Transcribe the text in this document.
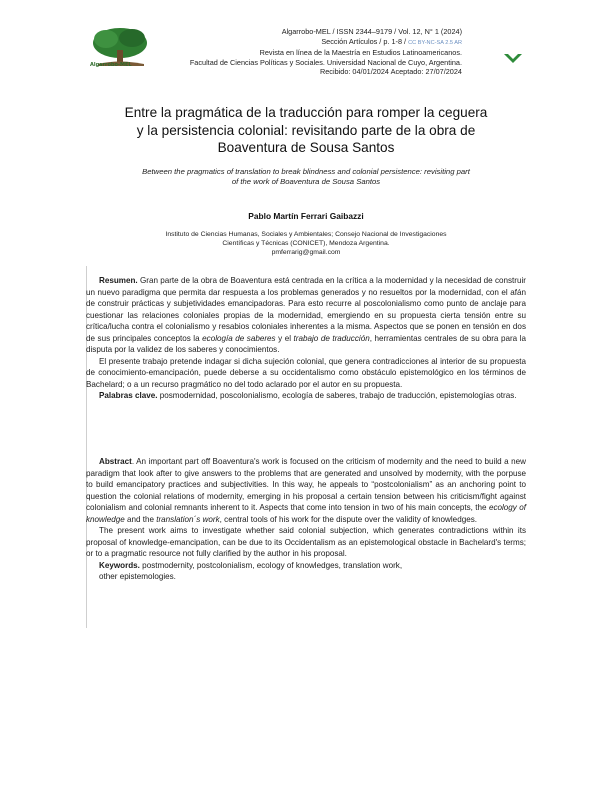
Algarrobo-MEL
Algarrobo-MEL / ISSN 2344–9179 / Vol. 12, N° 1 (2024)
Sección Artículos / p. 1-8 / CC BY-NC-SA 2.5 AR
Revista en línea de la Maestría en Estudios Latinoamericanos.
Facultad de Ciencias Políticas y Sociales. Universidad Nacional de Cuyo, Argentina.
Recibido: 04/01/2024 Aceptado: 27/07/2024
Entre la pragmática de la traducción para romper la ceguera
y la persistencia colonial: revisitando parte de la obra de
Boaventura de Sousa Santos
Between the pragmatics of translation to break blindness and colonial persistence: revisiting part
of the work of Boaventura de Sousa Santos
Pablo Martín Ferrari Gaibazzi
Instituto de Ciencias Humanas, Sociales y Ambientales; Consejo Nacional de Investigaciones
Científicas y Técnicas (CONICET), Mendoza Argentina.
pmferrarig@gmail.com

Resumen. Gran parte de la obra de Boaventura está centrada en la crítica a la modernidad y la necesidad de construir un nuevo paradigma que permita dar respuesta a los problemas generados y no resueltos por la modernidad, con el afán de construir prácticas y subjetividades emancipadoras. Para esto recurre al poscolonialismo como punto de anclaje para cuestionar las relaciones coloniales propias de la modernidad, emergiendo en su propuesta cierta tensión entre su crítica/lucha contra el colonialismo y resabios coloniales inherentes a la misma. Aspectos que se ponen en tensión en dos de sus principales conceptos la ecología de saberes y el trabajo de traducción, herramientas centrales de su obra para la disputa por la validez de los saberes y conocimientos.

El presente trabajo pretende indagar si dicha sujeción colonial, que genera contradicciones al interior de su propuesta de conocimiento-emancipación, puede deberse a su occidentalismo como obstáculo epistemológico en los términos de Bachelard; o a un recurso pragmático no del todo aclarado por el autor en su propuesta.

Palabras clave. posmodernidad, poscolonialismo, ecología de saberes, trabajo de traducción, epistemologías otras.

Abstract. An important part off Boaventura's work is focused on the criticism of modernity and the need to build a new paradigm that look after to give answers to the problems that are generated and unsolved by modernity, with the porpuse to build emancipatory practices and subjectivities. In this way, he appeals to “postcolonialism” as an anchoring point to question the colonial relations of modernity, emerging in his proposal a certain tension between his criticism/fight against colonialism and colonial remnants inherent to it. Aspects that come into tension in two of his main concepts, the ecology of knowledge and the translation´s work, central tools of his work for the dispute over the validity of knowledges.

The present work aims to investigate whether said colonial subjection, which generates contradictions within its proposal of knowledge-emancipation, can be due to its Occidentalism as an epistemological obstacle in Bachelard's terms; or to a pragmatic resource not fully clarified by the author in his proposal.

Keywords. postmodernity, postcolonialism, ecology of knowledges, translation work,

other epistemologies.
